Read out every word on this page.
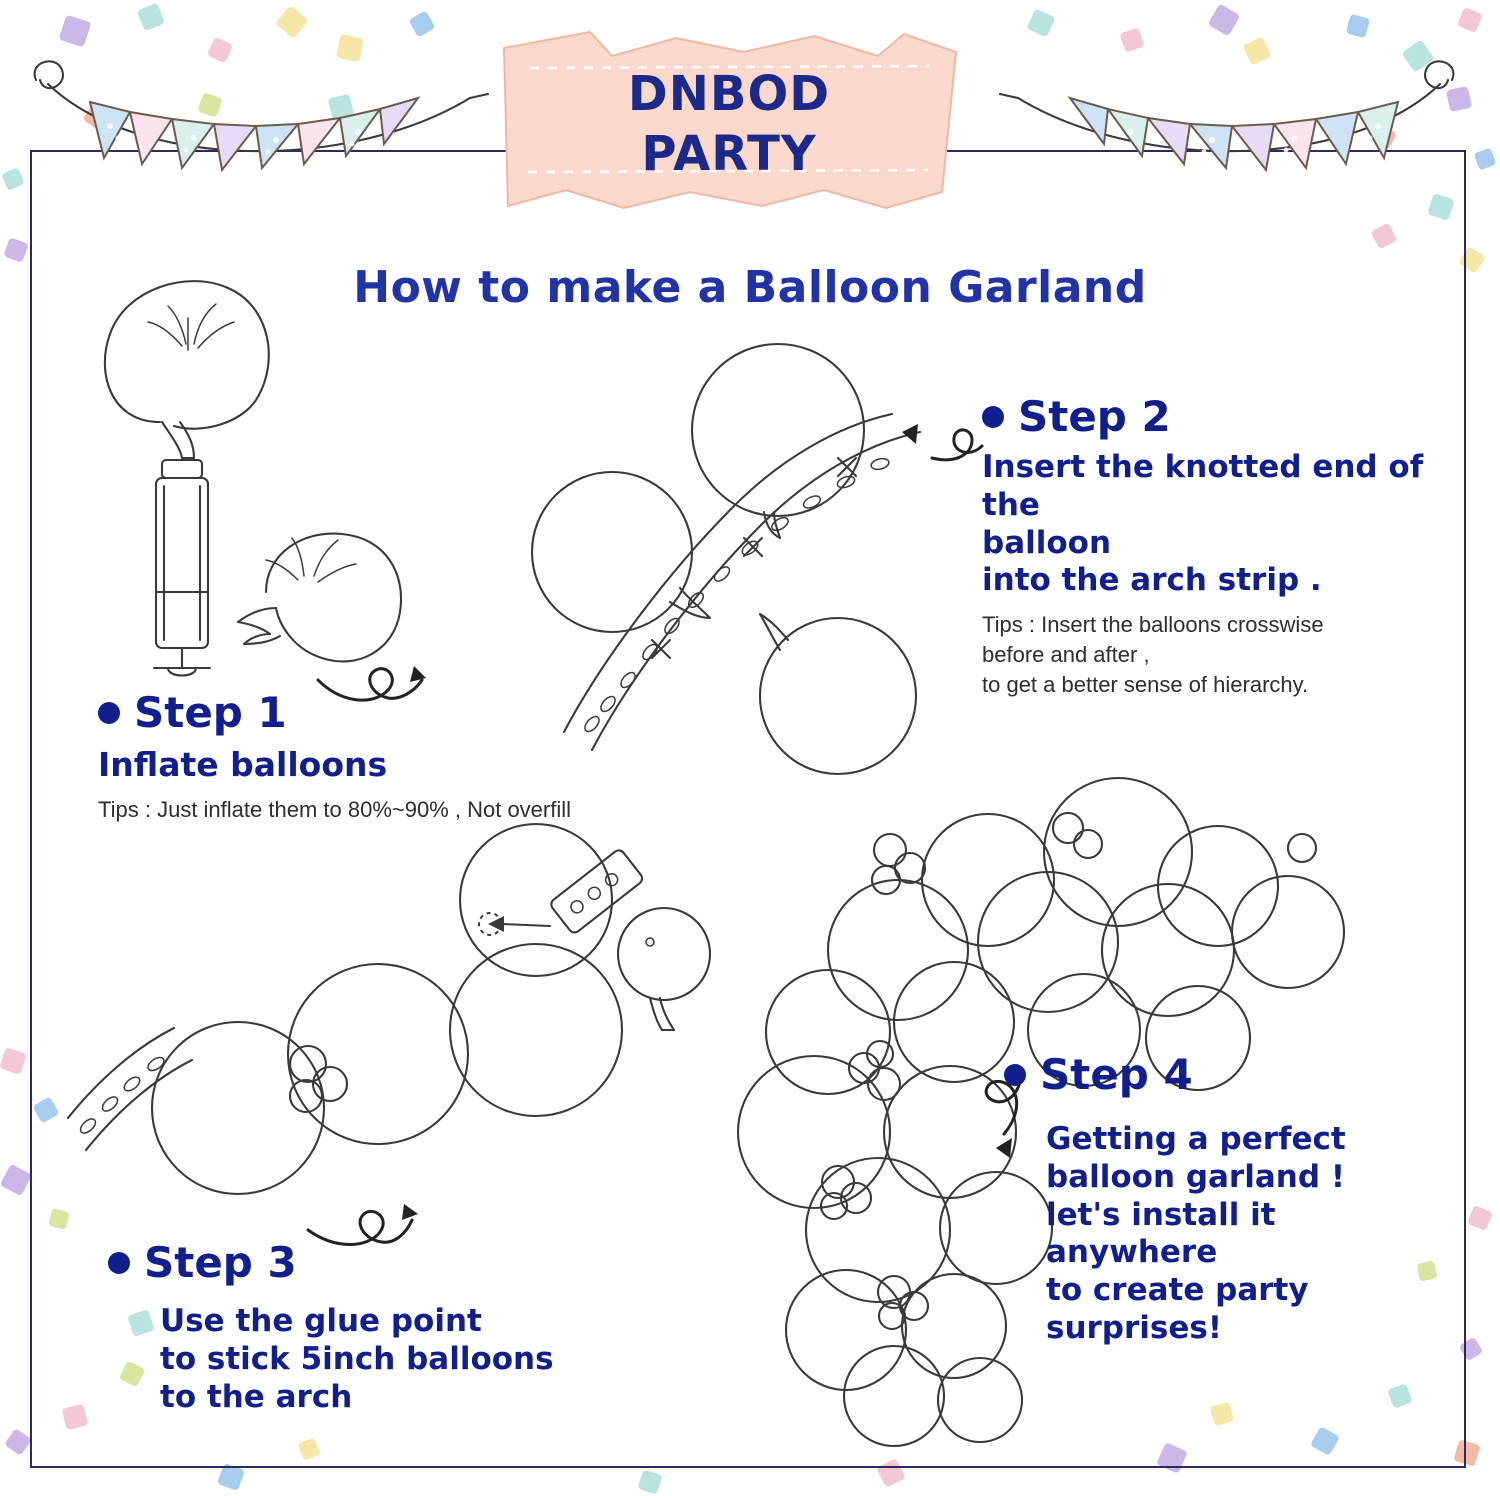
DNBOD
PARTY
How to make a Balloon Garland
Step 1
Inflate balloons
Tips : Just inflate them to 80%~90% , Not overfill
Step 2
Insert the knotted end of the
balloon
into the arch strip .
Tips : Insert the balloons crosswise
before and after ,
to get a better sense of hierarchy.
Step 3
Use the glue point
to stick 5inch balloons
to the arch
Step 4
Getting a perfect
balloon garland !
let's install it anywhere
to create party
surprises!
